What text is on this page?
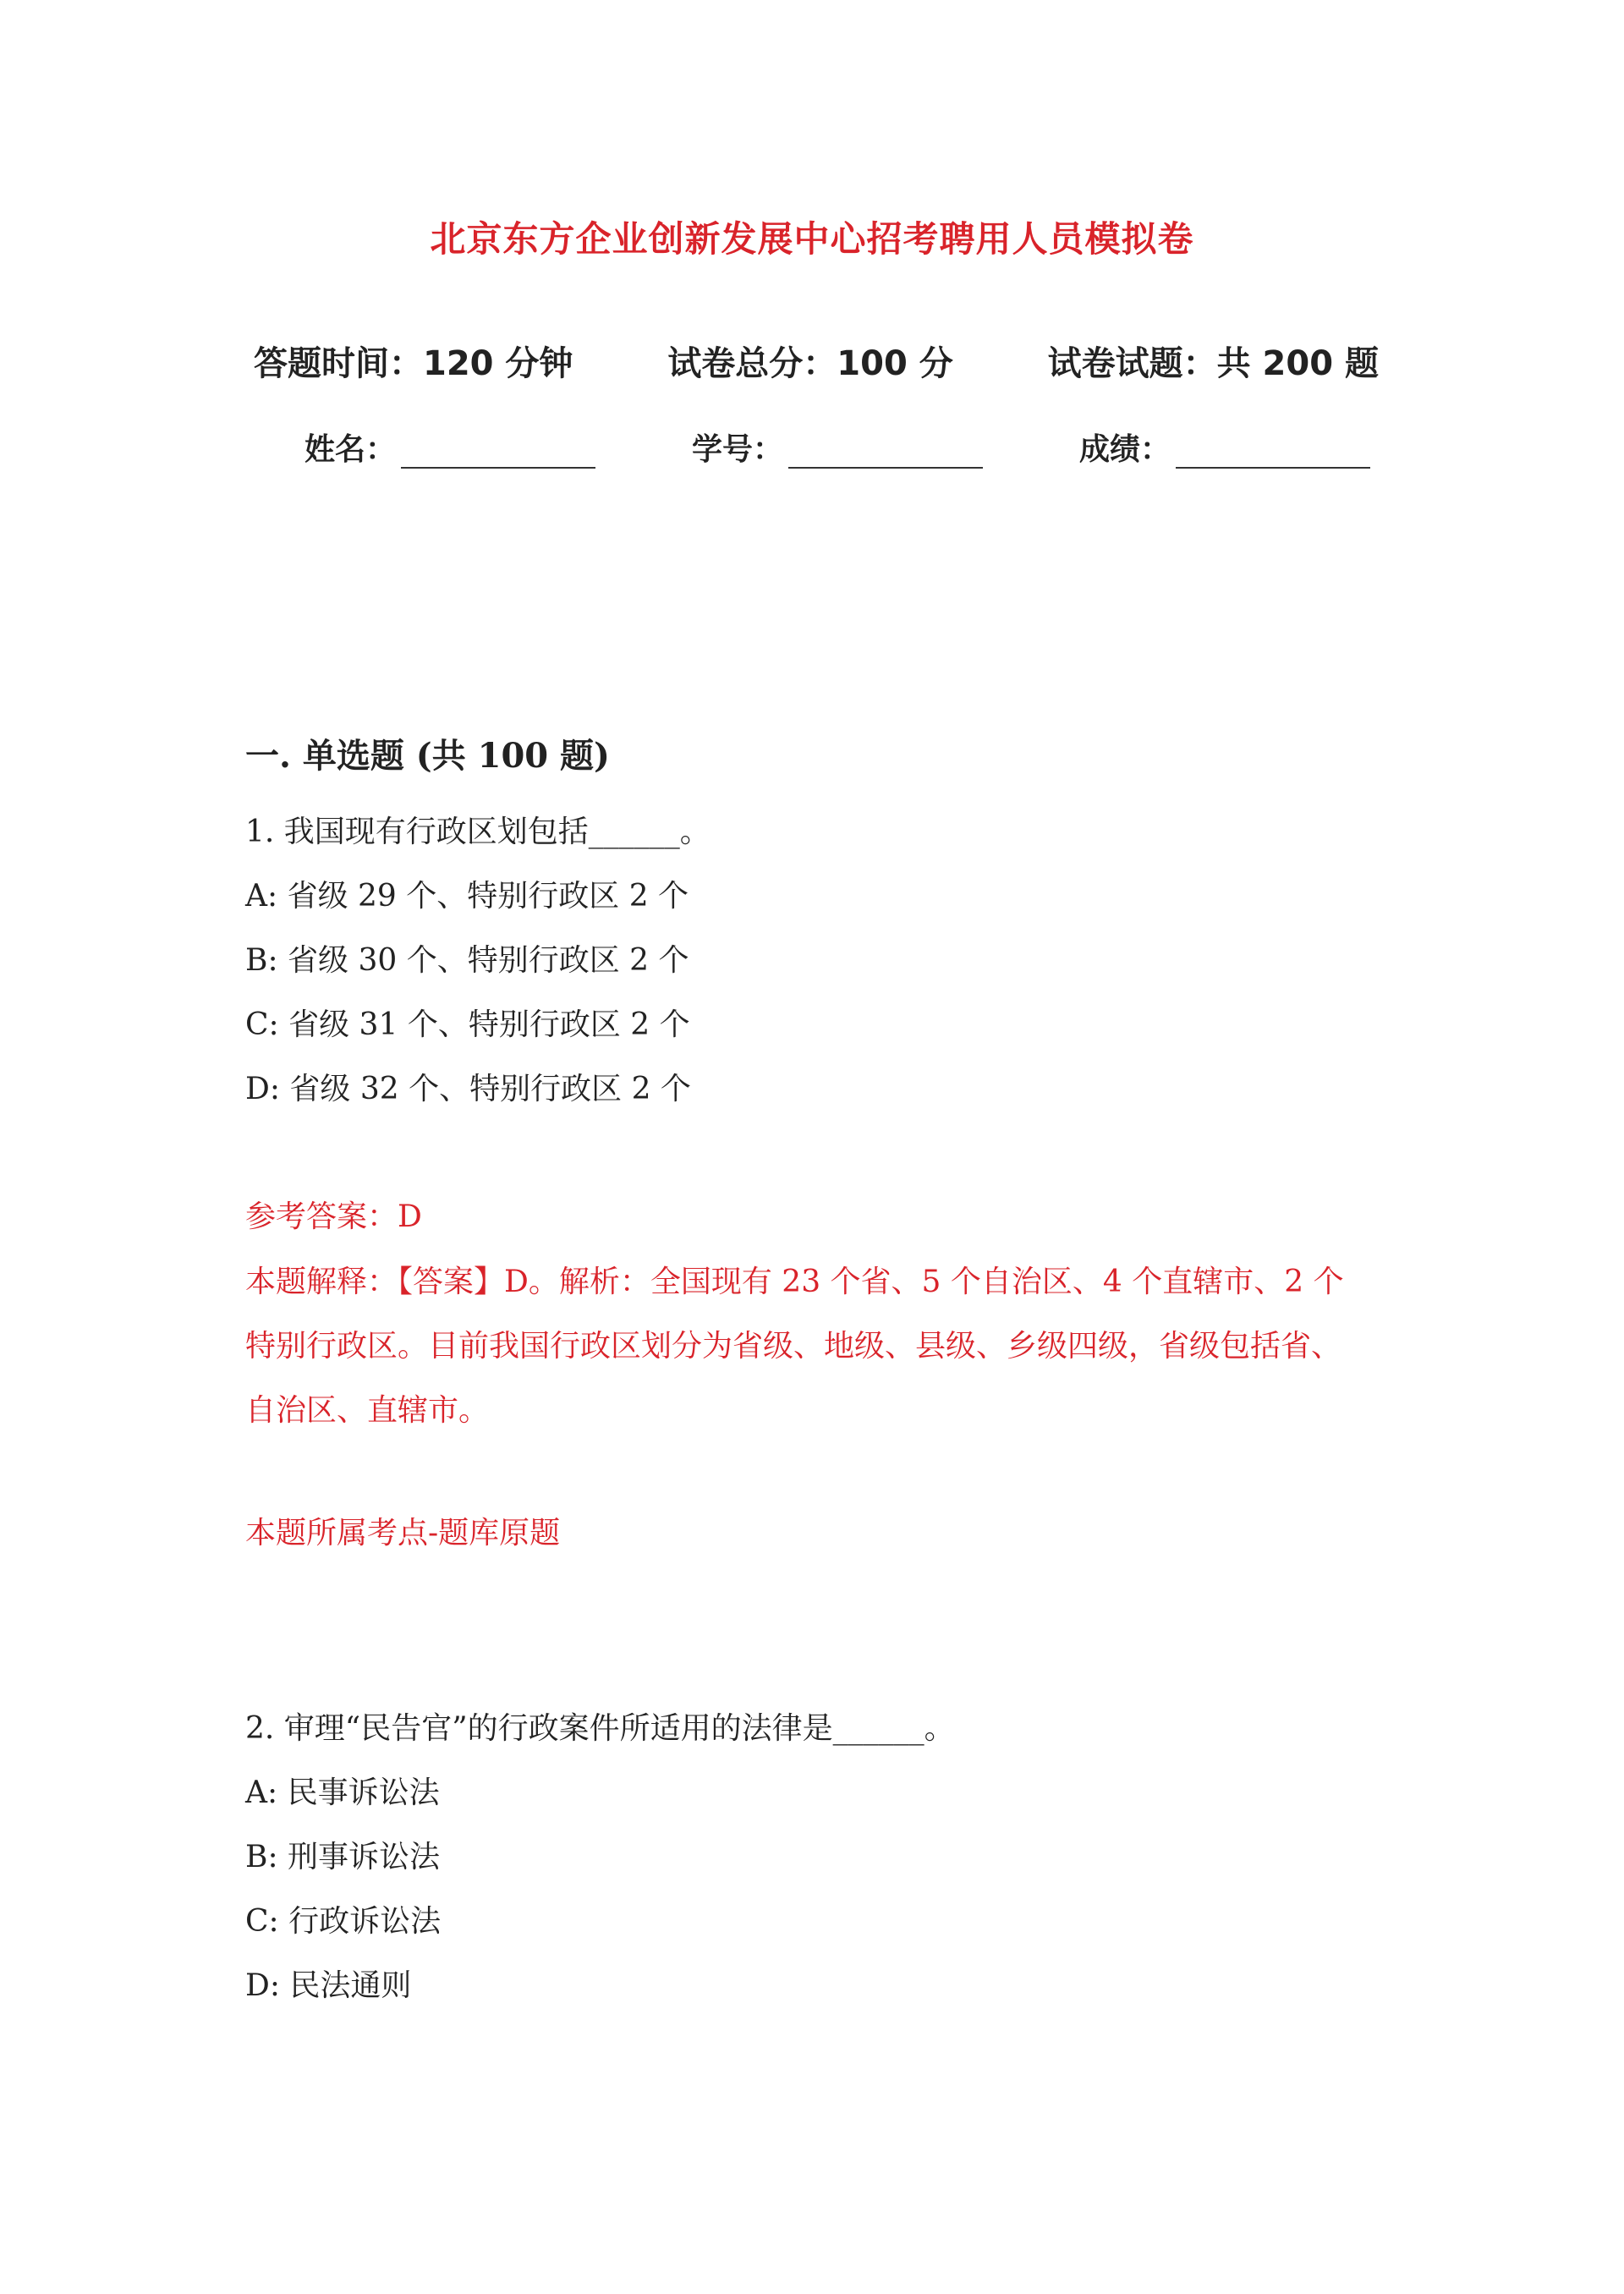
北京东方企业创新发展中心招考聘用人员模拟卷
答题时间：120 分钟	试卷总分：100 分	试卷试题：共 200 题
姓名：	学号：	成绩：
一. 单选题 (共 100 题)
1. 我国现有行政区划包括______。
A: 省级 29 个、特别行政区 2 个
B: 省级 30 个、特别行政区 2 个
C: 省级 31 个、特别行政区 2 个
D: 省级 32 个、特别行政区 2 个
参考答案：D
本题解释：【答案】D。解析：全国现有 23 个省、5 个自治区、4 个直辖市、2 个特别行政区。目前我国行政区划分为省级、地级、县级、乡级四级，省级包括省、自治区、直辖市。
本题所属考点-题库原题
2. 审理“民告官”的行政案件所适用的法律是______。
A: 民事诉讼法
B: 刑事诉讼法
C: 行政诉讼法
D: 民法通则
